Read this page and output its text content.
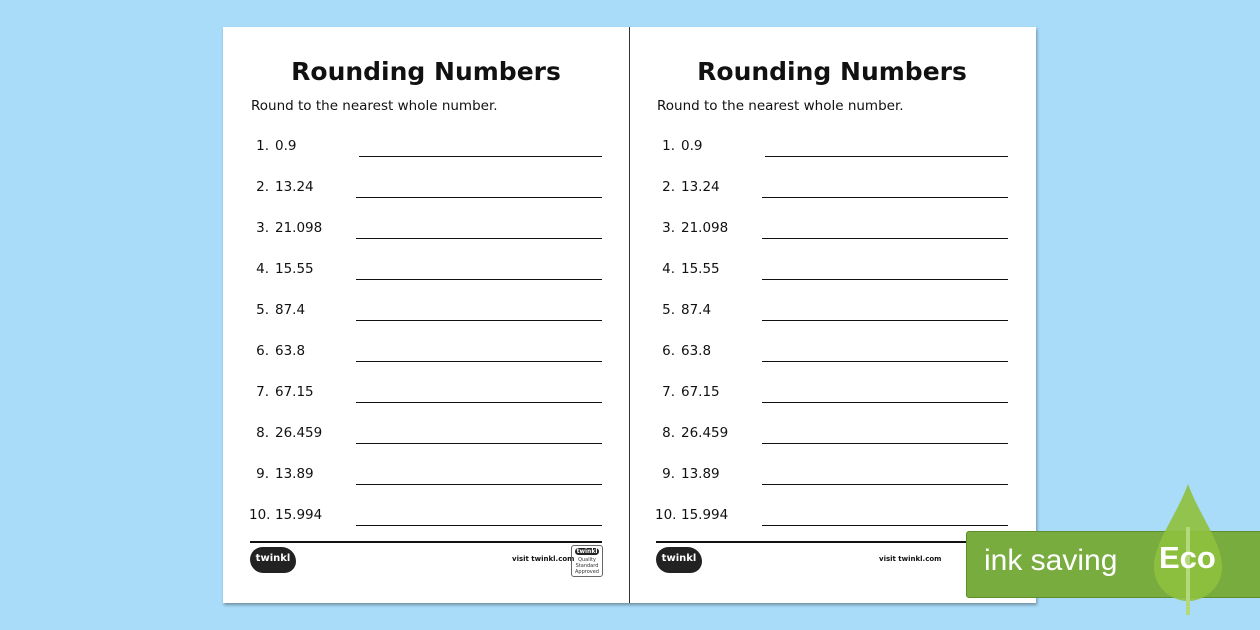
Rounding Numbers
Round to the nearest whole number.
1. 0.9
2. 13.24
3. 21.098
4. 15.55
5. 87.4
6. 63.8
7. 67.15
8. 26.459
9. 13.89
10. 15.994
twinkl	visit twinkl.com
twinkl
Quality Standard Approved
Rounding Numbers
Round to the nearest whole number.
1. 0.9
2. 13.24
3. 21.098
4. 15.55
5. 87.4
6. 63.8
7. 67.15
8. 26.459
9. 13.89
10. 15.994
twinkl	visit twinkl.com ink saving Eco
